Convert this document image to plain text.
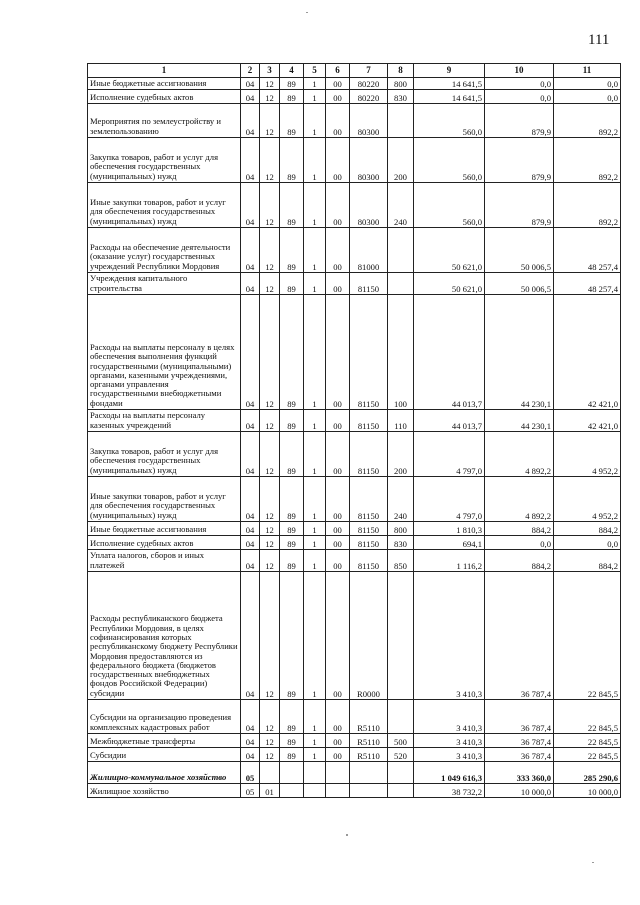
111
1	2	3	4	5	6	7	8	9	10	11
Иные бюджетные ассигнования	04	12	89	1	00	80220	800	14 641,5	0,0	0,0
Исполнение судебных актов	04	12	89	1	00	80220	830	14 641,5	0,0	0,0
Мероприятия по землеустройству и землепользованию	04	12	89	1	00	80300		560,0	879,9	892,2
Закупка товаров, работ и услуг для обеспечения государственных (муниципальных) нужд	04	12	89	1	00	80300	200	560,0	879,9	892,2
Иные закупки товаров, работ и услуг для обеспечения государственных (муниципальных) нужд	04	12	89	1	00	80300	240	560,0	879,9	892,2
Расходы на обеспечение деятельности (оказание услуг) государственных учреждений Республики Мордовия	04	12	89	1	00	81000		50 621,0	50 006,5	48 257,4
Учреждения капитального строительства	04	12	89	1	00	81150		50 621,0	50 006,5	48 257,4
Расходы на выплаты персоналу в целях обеспечения выполнения функций государственными (муниципальными) органами, казенными учреждениями, органами управления государственными внебюджетными фондами	04	12	89	1	00	81150	100	44 013,7	44 230,1	42 421,0
Расходы на выплаты персоналу казенных учреждений	04	12	89	1	00	81150	110	44 013,7	44 230,1	42 421,0
Закупка товаров, работ и услуг для обеспечения государственных (муниципальных) нужд	04	12	89	1	00	81150	200	4 797,0	4 892,2	4 952,2
Иные закупки товаров, работ и услуг для обеспечения государственных (муниципальных) нужд	04	12	89	1	00	81150	240	4 797,0	4 892,2	4 952,2
Иные бюджетные ассигнования	04	12	89	1	00	81150	800	1 810,3	884,2	884,2
Исполнение судебных актов	04	12	89	1	00	81150	830	694,1	0,0	0,0
Уплата налогов, сборов и иных платежей	04	12	89	1	00	81150	850	1 116,2	884,2	884,2
Расходы республиканского бюджета Республики Мордовия, в целях софинансирования которых республиканскому бюджету Республики Мордовия предоставляются из федерального бюджета (бюджетов государственных внебюджетных фондов Российской Федерации) субсидии	04	12	89	1	00	R0000		3 410,3	36 787,4	22 845,5
Субсидии на организацию проведения комплексных кадастровых работ	04	12	89	1	00	R5110		3 410,3	36 787,4	22 845,5
Межбюджетные трансферты	04	12	89	1	00	R5110	500	3 410,3	36 787,4	22 845,5
Субсидии	04	12	89	1	00	R5110	520	3 410,3	36 787,4	22 845,5
Жилищно-коммунальное хозяйство	05							1 049 616,3	333 360,0	285 290,6
Жилищное хозяйство	05	01						38 732,2	10 000,0	10 000,0
